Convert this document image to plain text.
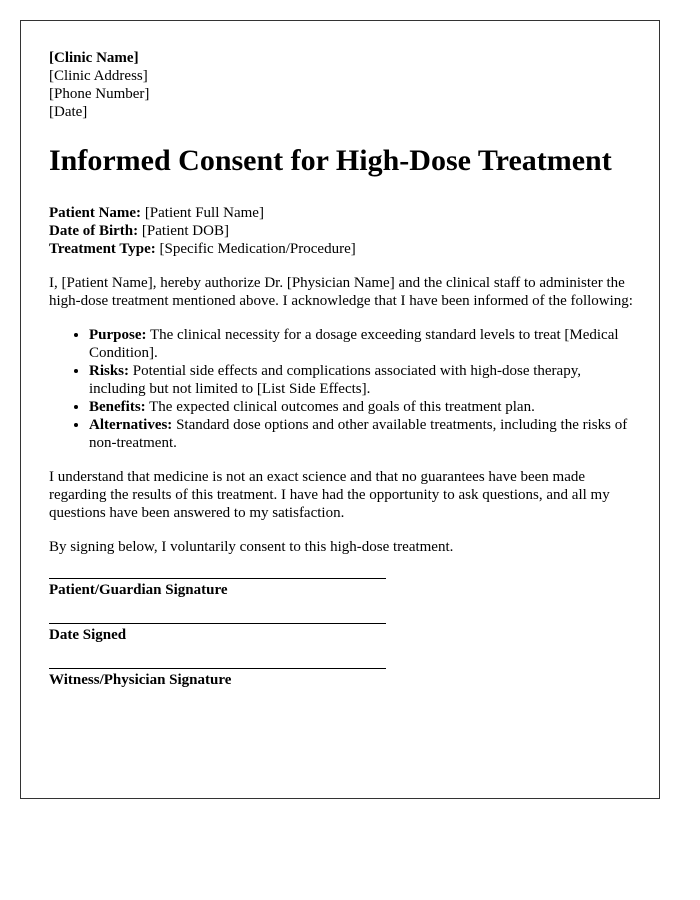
[Clinic Name]
[Clinic Address]
[Phone Number]
[Date]
Informed Consent for High-Dose Treatment
Patient Name: [Patient Full Name]
Date of Birth: [Patient DOB]
Treatment Type: [Specific Medication/Procedure]

I, [Patient Name], hereby authorize Dr. [Physician Name] and the clinical staff to administer the high-dose treatment mentioned above. I acknowledge that I have been informed of the following:

• Purpose: The clinical necessity for a dosage exceeding standard levels to treat [Medical Condition].
• Risks: Potential side effects and complications associated with high-dose therapy, including but not limited to [List Side Effects].
• Benefits: The expected clinical outcomes and goals of this treatment plan.
• Alternatives: Standard dose options and other available treatments, including the risks of non-treatment.

I understand that medicine is not an exact science and that no guarantees have been made regarding the results of this treatment. I have had the opportunity to ask questions, and all my questions have been answered to my satisfaction.

By signing below, I voluntarily consent to this high-dose treatment.

Patient/Guardian Signature
Date Signed
Witness/Physician Signature
